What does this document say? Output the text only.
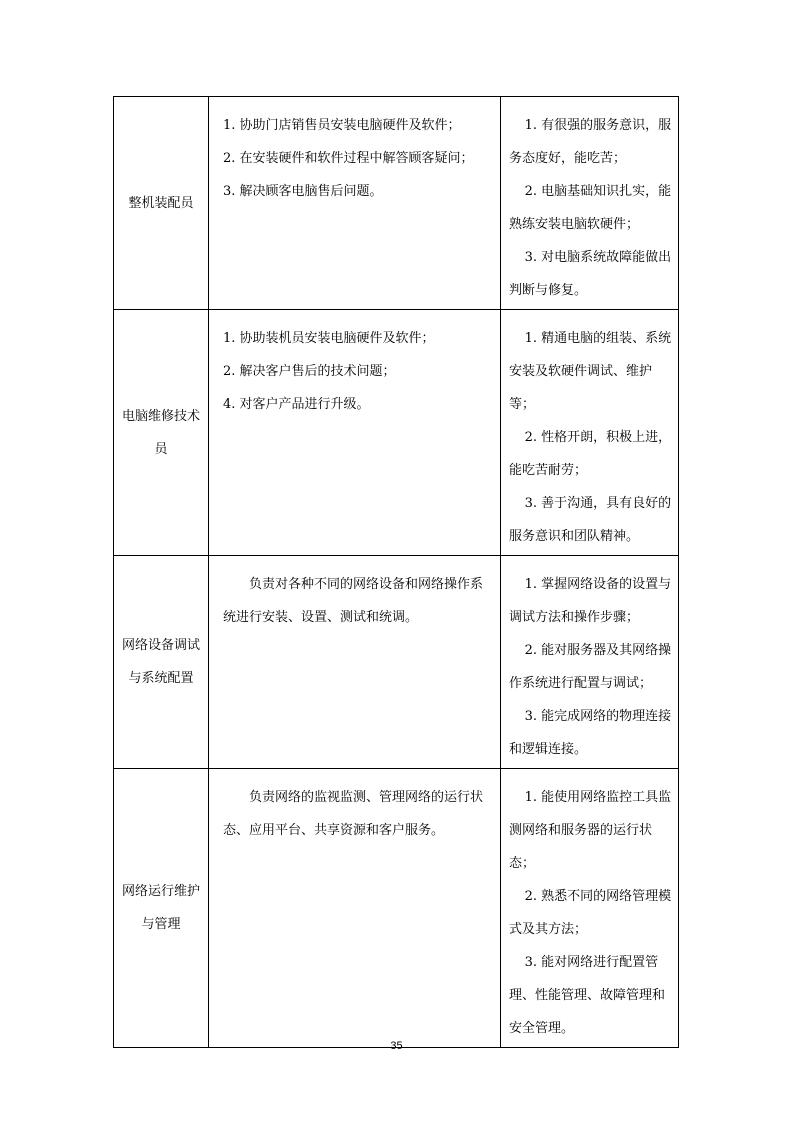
整机装配员	1. 协助门店销售员安装电脑硬件及软件；
2. 在安装硬件和软件过程中解答顾客疑问；
3. 解决顾客电脑售后问题。	1. 有很强的服务意识，服务态度好，能吃苦；
2. 电脑基础知识扎实，能熟练安装电脑软硬件；
3. 对电脑系统故障能做出判断与修复。

电脑维修技术员	1. 协助装机员安装电脑硬件及软件；
2. 解决客户售后的技术问题；
4. 对客户产品进行升级。	1. 精通电脑的组装、系统安装及软硬件调试、维护等；
2. 性格开朗，积极上进，能吃苦耐劳；
3. 善于沟通，具有良好的服务意识和团队精神。

网络设备调试与系统配置	负责对各种不同的网络设备和网络操作系统进行安装、设置、测试和统调。	1. 掌握网络设备的设置与调试方法和操作步骤；
2. 能对服务器及其网络操作系统进行配置与调试；
3. 能完成网络的物理连接和逻辑连接。

网络运行维护与管理	负责网络的监视监测、管理网络的运行状态、应用平台、共享资源和客户服务。	1. 能使用网络监控工具监测网络和服务器的运行状态；
2. 熟悉不同的网络管理模式及其方法；
3. 能对网络进行配置管理、性能管理、故障管理和安全管理。
35
